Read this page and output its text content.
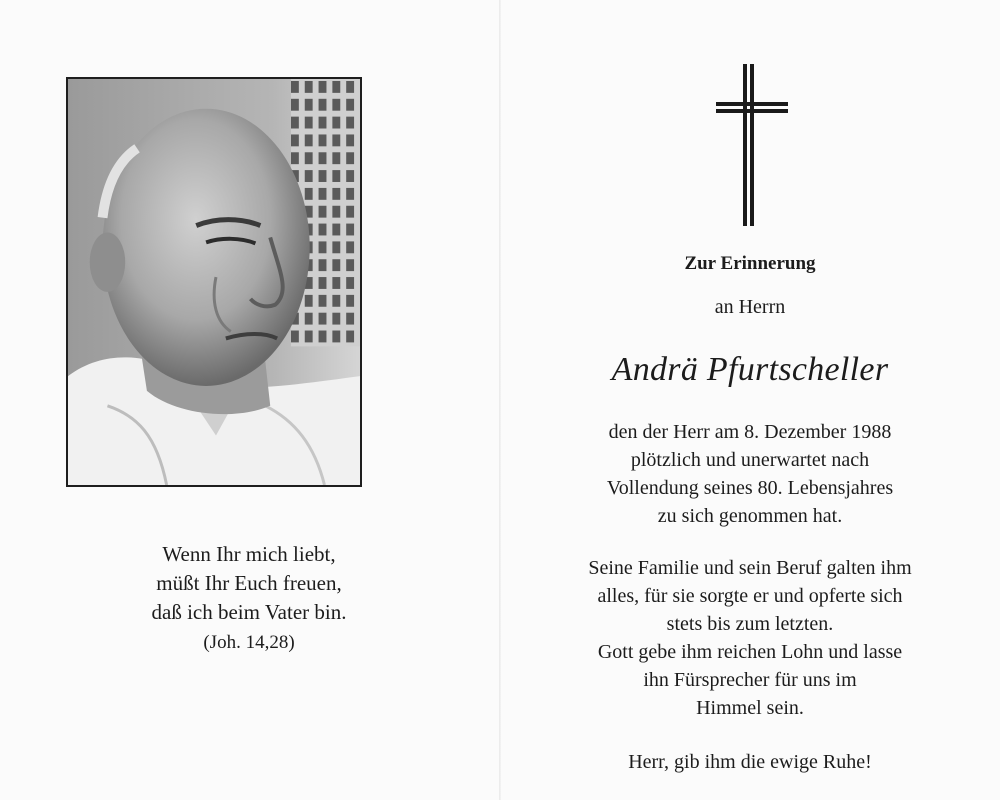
Wenn Ihr mich liebt,
müßt Ihr Euch freuen,
daß ich beim Vater bin.
(Joh. 14,28)
Zur Erinnerung
an Herrn
Andrä Pfurtscheller
den der Herr am 8. Dezember 1988
plötzlich und unerwartet nach
Vollendung seines 80. Lebensjahres
zu sich genommen hat.
Seine Familie und sein Beruf galten ihm
alles, für sie sorgte er und opferte sich
stets bis zum letzten.
Gott gebe ihm reichen Lohn und lasse
ihn Fürsprecher für uns im
Himmel sein.
Herr, gib ihm die ewige Ruhe!
